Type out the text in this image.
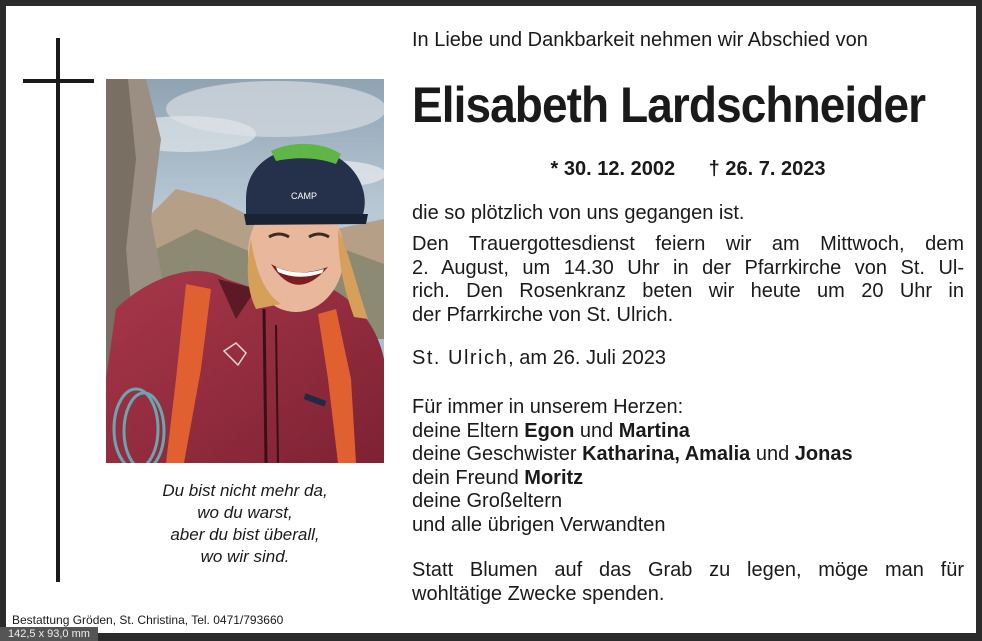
CAMP
Du bist nicht mehr da,
wo du warst,
aber du bist überall,
wo wir sind.
In Liebe und Dankbarkeit nehmen wir Abschied von
Elisabeth Lardschneider
* 30. 12. 2002 † 26. 7. 2023
die so plötzlich von uns gegangen ist.
Den Trauergottesdienst feiern wir am Mittwoch, dem
2. August, um 14.30 Uhr in der Pfarrkirche von St. Ul-
rich. Den Rosenkranz beten wir heute um 20 Uhr in
der Pfarrkirche von St. Ulrich.
St. Ulrich, am 26. Juli 2023
Für immer in unserem Herzen:
deine Eltern Egon und Martina
deine Geschwister Katharina, Amalia und Jonas
dein Freund Moritz
deine Großeltern
und alle übrigen Verwandten
Statt Blumen auf das Grab zu legen, möge man für
wohltätige Zwecke spenden.
Bestattung Gröden, St. Christina, Tel. 0471/793660
142,5 x 93,0 mm
